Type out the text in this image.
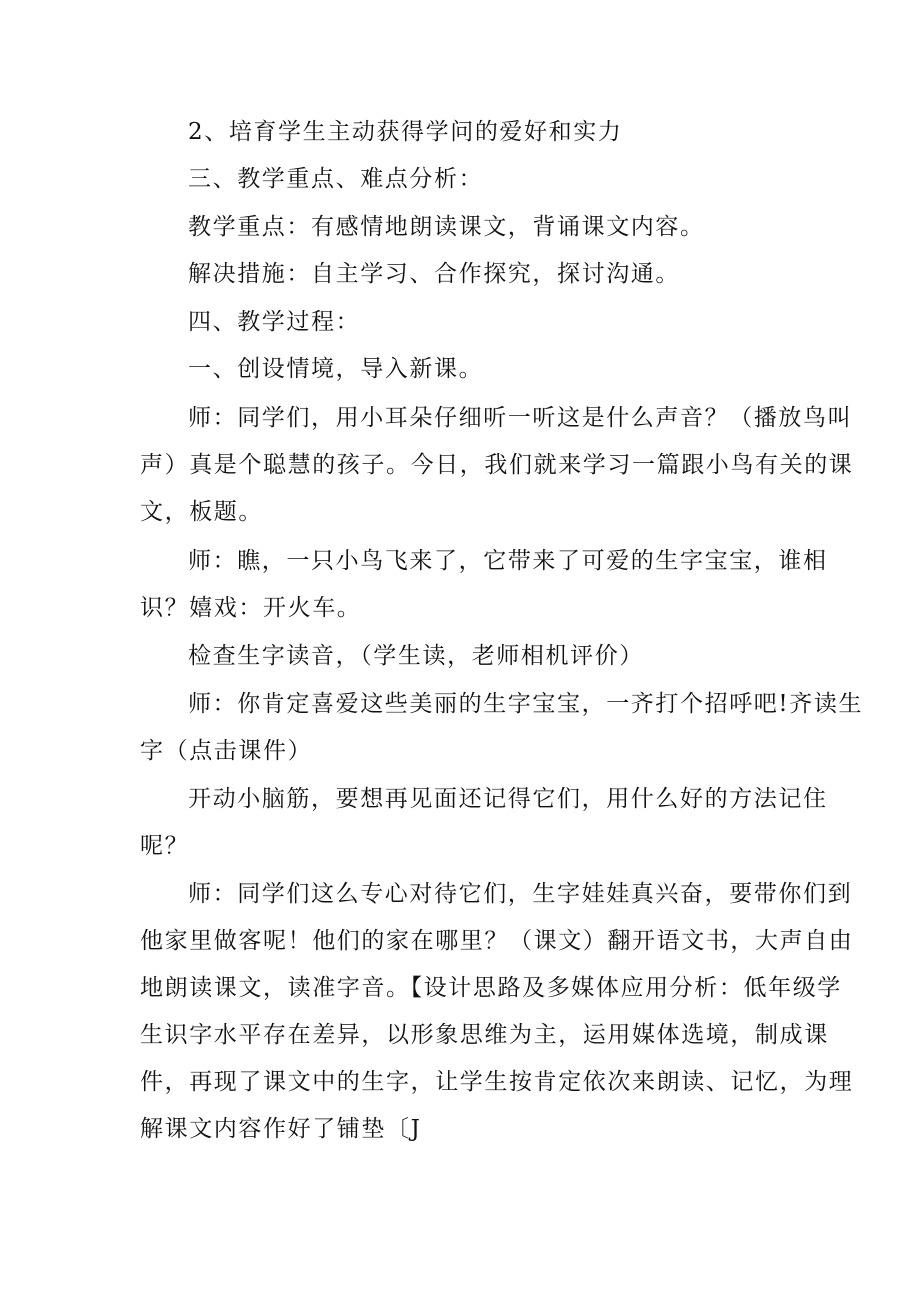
2、培育学生主动获得学问的爱好和实力
三、教学重点、难点分析：
教学重点：有感情地朗读课文，背诵课文内容。
解决措施：自主学习、合作探究，探讨沟通。
四、教学过程：
一、创设情境，导入新课。
师：同学们，用小耳朵仔细听一听这是什么声音？（播放鸟叫
声）真是个聪慧的孩子。今日，我们就来学习一篇跟小鸟有关的课
文，板题。
师：瞧，一只小鸟飞来了，它带来了可爱的生字宝宝，谁相
识？嬉戏：开火车。
检查生字读音，（学生读，老师相机评价）
师：你肯定喜爱这些美丽的生字宝宝，一齐打个招呼吧!齐读生
字（点击课件）
开动小脑筋，要想再见面还记得它们，用什么好的方法记住
呢？
师：同学们这么专心对待它们，生字娃娃真兴奋，要带你们到
他家里做客呢！他们的家在哪里？（课文）翻开语文书，大声自由
地朗读课文，读准字音。【设计思路及多媒体应用分析：低年级学
生识字水平存在差异，以形象思维为主，运用媒体选境，制成课
件，再现了课文中的生字，让学生按肯定依次来朗读、记忆，为理
解课文内容作好了铺垫〔J
